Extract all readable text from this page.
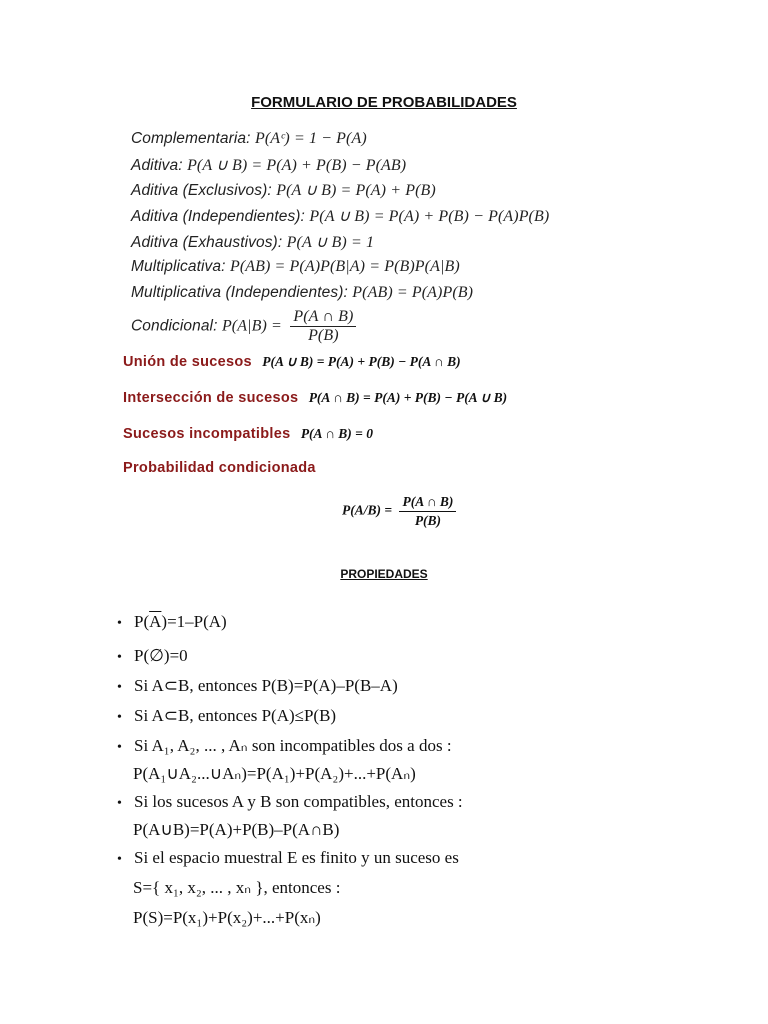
FORMULARIO DE PROBABILIDADES
Complementaria: P(Aᶜ) = 1 − P(A)
Aditiva: P(A ∪ B) = P(A) + P(B) − P(AB)
Aditiva (Exclusivos): P(A ∪ B) = P(A) + P(B)
Aditiva (Independientes): P(A ∪ B) = P(A) + P(B) − P(A)P(B)
Aditiva (Exhaustivos): P(A ∪ B) = 1
Multiplicativa: P(AB) = P(A)P(B|A) = P(B)P(A|B)
Multiplicativa (Independientes): P(AB) = P(A)P(B)
Condicional: $P(A|B) = \frac{P(A \cap B)}{P(B)}$
Unión de sucesos P(A ∪ B) = P(A) + P(B) − P(A ∩ B)
Intersección de sucesos P(A ∩ B) = P(A) + P(B) − P(A ∪ B)
Sucesos incompatibles P(A ∩ B) = 0
Probabilidad condicionada
$P(A/B) = \frac{P(A \cap B)}{P(B)}$
PROPIEDADES
• $P(\overline{A})=1-P(A)$
• P(∅)=0
• Si A⊂B, entonces P(B)=P(A)–P(B–A)
• Si A⊂B, entonces P(A)≤P(B)
• Si A₁, A₂, ... , Aₙ son incompatibles dos a dos :
P(A₁∪A₂...∪Aₙ)=P(A₁)+P(A₂)+...+P(Aₙ)
• Si los sucesos A y B son compatibles, entonces :
P(A∪B)=P(A)+P(B)–P(A∩B)
• Si el espacio muestral E es finito y un suceso es
S={ x₁, x₂, ... , xₙ }, entonces :
P(S)=P(x₁)+P(x₂)+...+P(xₙ)
